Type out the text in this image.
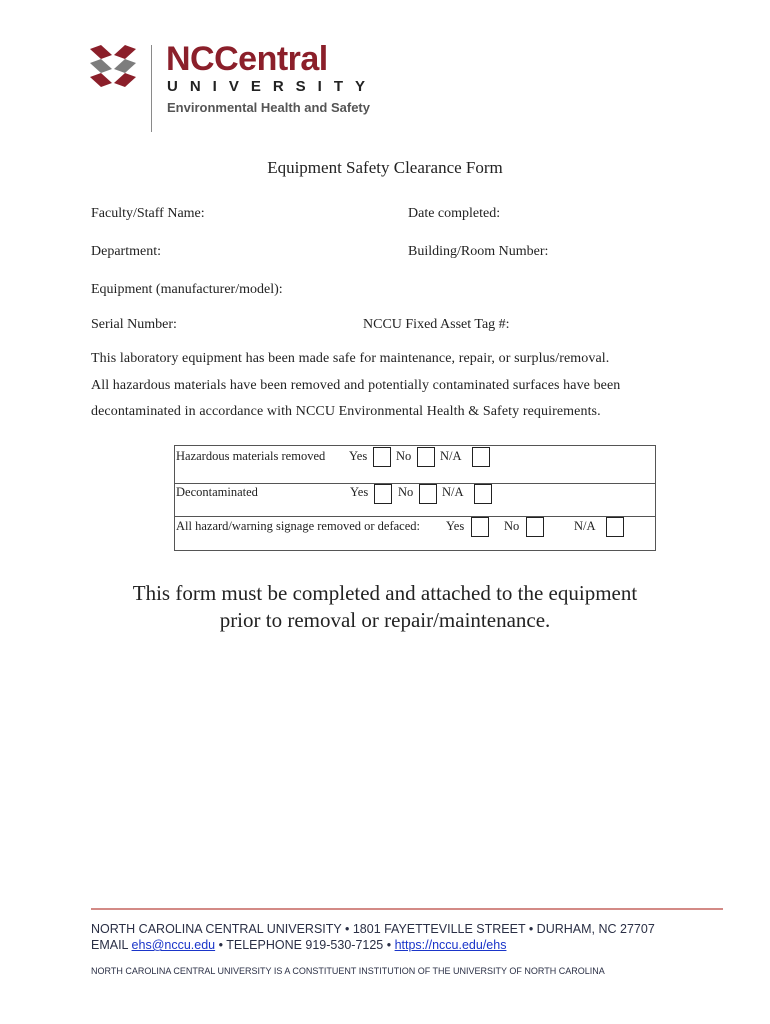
NCCentral
UNIVERSITY
Environmental Health and Safety
Equipment Safety Clearance Form
Faculty/Staff Name:	Date completed:
Department:	Building/Room Number:
Equipment (manufacturer/model):
Serial Number:	NCCU Fixed Asset Tag #:
This laboratory equipment has been made safe for maintenance, repair, or surplus/removal.
All hazardous materials have been removed and potentially contaminated surfaces have been
decontaminated in accordance with NCCU Environmental Health & Safety requirements.
Hazardous materials removed Yes No N/A
Decontaminated	Yes No N/A
All hazard/warning signage removed or defaced: Yes	No	N/A
This form must be completed and attached to the equipment
prior to removal or repair/maintenance.
NORTH CAROLINA CENTRAL UNIVERSITY • 1801 FAYETTEVILLE STREET • DURHAM, NC 27707
EMAIL ehs@nccu.edu • TELEPHONE 919-530-7125 • https://nccu.edu/ehs
NORTH CAROLINA CENTRAL UNIVERSITY IS A CONSTITUENT INSTITUTION OF THE UNIVERSITY OF NORTH CAROLINA
